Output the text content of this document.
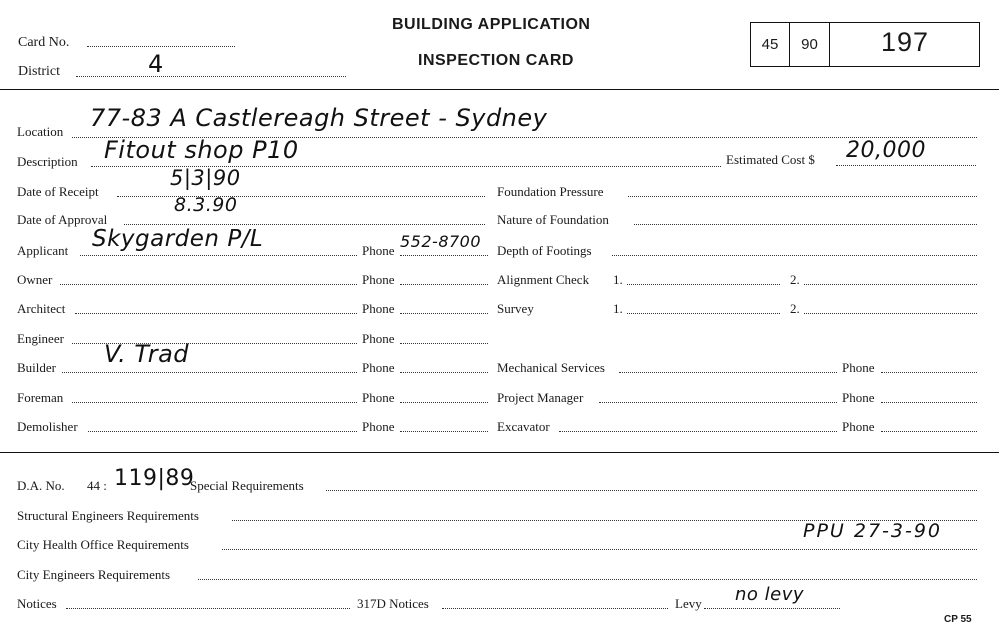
Card No.
District	4
BUILDING APPLICATION
INSPECTION CARD
45	90	197
Location 77-83 A Castlereagh Street - Sydney
Description Fitout shop P10	Estimated Cost $ 20,000
Date of Receipt
5|3|90
Date of Approval
8.3.90
Applicant Skygarden P/L	Phone 552-8700
Owner	Phone
Architect	Phone
Engineer	Phone
Builder V. Trad	Phone
Foreman	Phone
Demolisher	Phone
Foundation Pressure
Nature of Foundation
Depth of Footings
Alignment Check 1.	2.
Survey	1.	2.
Mechanical Services	Phone
Project Manager	Phone
Excavator	Phone
D.A. No. 44 : 119|89
Special Requirements
Structural Engineers Requirements
City Health Office Requirements
PPU 27-3-90
City Engineers Requirements
Notices	317D Notices	Levy no levy
CP 55
